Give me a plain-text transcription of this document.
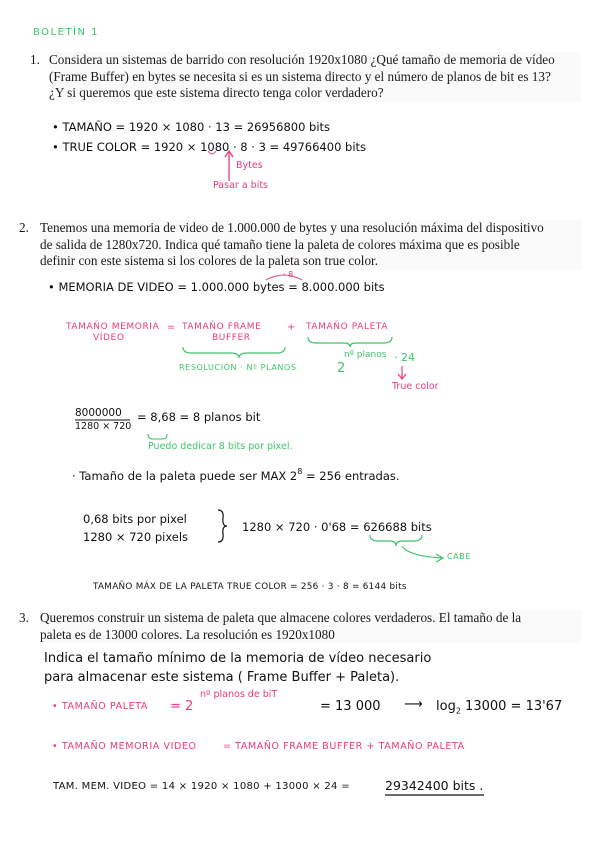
BOLETÍN 1
1. Considera un sistemas de barrido con resolución 1920x1080 ¿Qué tamaño de memoria de vídeo
(Frame Buffer) en bytes se necesita si es un sistema directo y el número de planos de bit es 13?
¿Y si queremos que este sistema directo tenga color verdadero?
• TAMAÑO = 1920 × 1080 · 13 = 26956800 bits
• TRUE COLOR = 1920 × 1080 · 8 · 3 = 49766400 bits
Bytes
Pasar a bits
2. Tenemos una memoria de video de 1.000.000 de bytes y una resolución máxima del dispositivo
de salida de 1280x720. Indica qué tamaño tiene la paleta de colores máxima que es posible
definir con este sistema si los colores de la paleta son true color.
• MEMORIA DE VIDEO = 1.000.000 bytes = 8.000.000 bits
· 8
TAMAÑO MEMORIA
VÍDEO
= TAMAÑO FRAME
BUFFER
+ TAMAÑO PALETA
RESOLUCIÓN · Nº PLANOS	2
nº planos · 24
True color
8000000
1280 × 720
= 8,68 = 8 planos bit
Puedo dedicar 8 bits por pixel.
· Tamaño de la paleta puede ser MAX $2^8 = 256$ entradas.
0,68 bits por pixel
1280 × 720 pixels
1280 × 720 · 0'68 = 626688 bits
CABE
TAMAÑO MÁX DE LA PALETA TRUE COLOR = 256 · 3 · 8 = 6144 bits
3. Queremos construir un sistema de paleta que almacene colores verdaderos. El tamaño de la
paleta es de 13000 colores. La resolución es 1920x1080
Indica el tamaño mínimo de la memoria de vídeo necesario
para almacenar este sistema ( Frame Buffer + Paleta).
• TAMAÑO PALETA = 2
nº planos de biT
= 13 000 ⟶ $\log_2 13000 = 13'67$
• TAMAÑO MEMORIA VIDEO	= TAMAÑO FRAME BUFFER + TAMAÑO PALETA
TAM. MEM. VIDEO = 14 × 1920 × 1080 + 13000 × 24 =	29342400 bits .
